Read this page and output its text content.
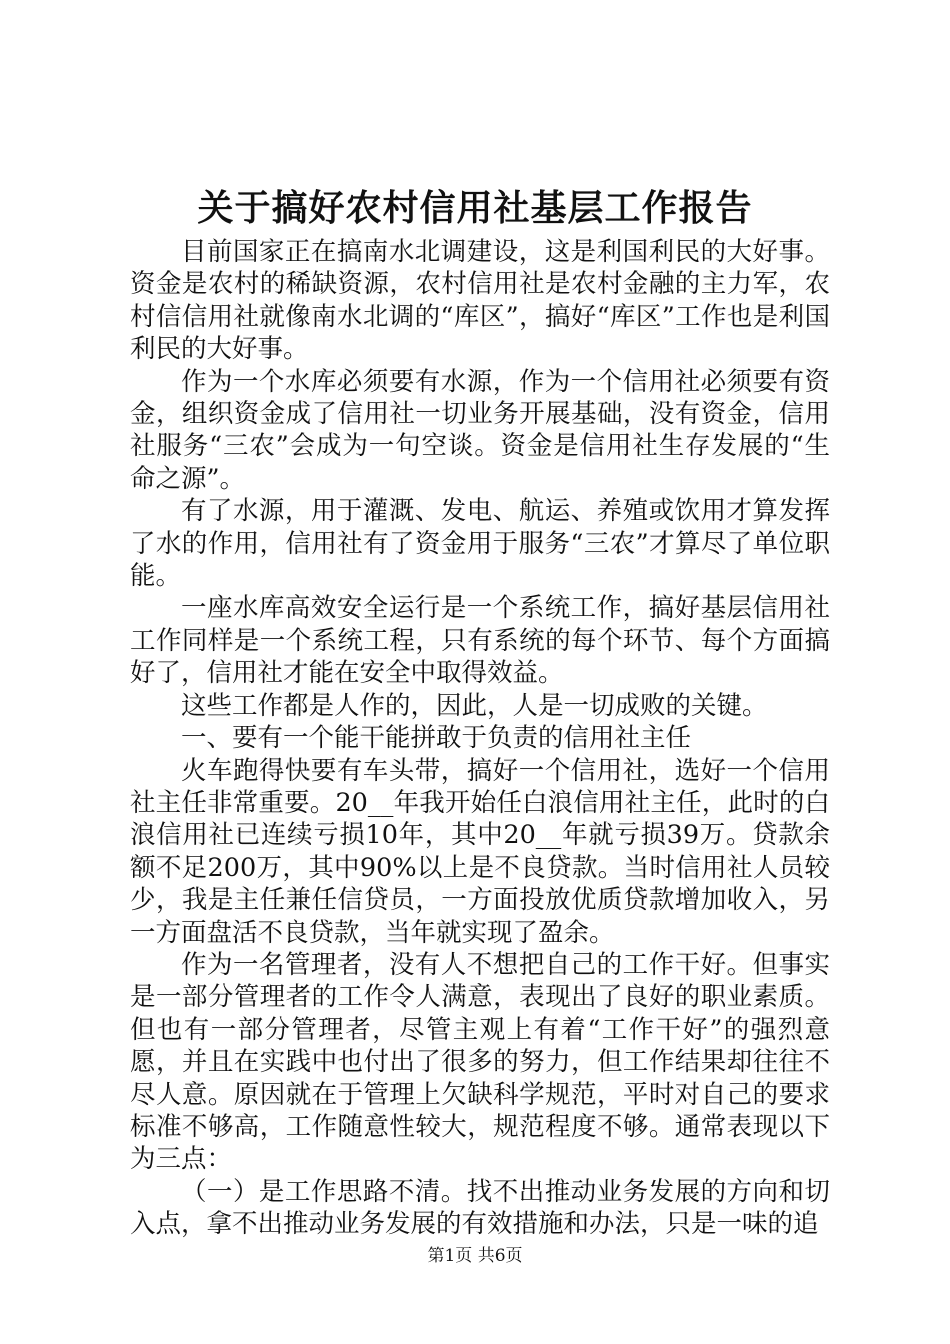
关于搞好农村信用社基层工作报告

目前国家正在搞南水北调建设，这是利国利民的大好事。资金是农村的稀缺资源，农村信用社是农村金融的主力军，农村信信用社就像南水北调的“库区”，搞好“库区”工作也是利国利民的大好事。

作为一个水库必须要有水源，作为一个信用社必须要有资金，组织资金成了信用社一切业务开展基础，没有资金，信用社服务“三农”会成为一句空谈。资金是信用社生存发展的“生命之源”。

有了水源，用于灌溉、发电、航运、养殖或饮用才算发挥了水的作用，信用社有了资金用于服务“三农”才算尽了单位职能。

一座水库高效安全运行是一个系统工作，搞好基层信用社工作同样是一个系统工程，只有系统的每个环节、每个方面搞好了，信用社才能在安全中取得效益。

这些工作都是人作的，因此，人是一切成败的关键。

一、要有一个能干能拼敢于负责的信用社主任

火车跑得快要有车头带，搞好一个信用社，选好一个信用社主任非常重要。20__年我开始任白浪信用社主任，此时的白浪信用社已连续亏损10年，其中20__年就亏损39万。贷款余额不足200万，其中90%以上是不良贷款。当时信用社人员较少，我是主任兼任信贷员，一方面投放优质贷款增加收入，另一方面盘活不良贷款，当年就实现了盈余。

作为一名管理者，没有人不想把自己的工作干好。但事实是一部分管理者的工作令人满意，表现出了良好的职业素质。但也有一部分管理者，尽管主观上有着“工作干好”的强烈意愿，并且在实践中也付出了很多的努力，但工作结果却往往不尽人意。原因就在于管理上欠缺科学规范，平时对自己的要求标准不够高，工作随意性较大，规范程度不够。通常表现以下为三点：

（一）是工作思路不清。找不出推动业务发展的方向和切入点，拿不出推动业务发展的有效措施和办法，只是一味的追

第1页 共6页
